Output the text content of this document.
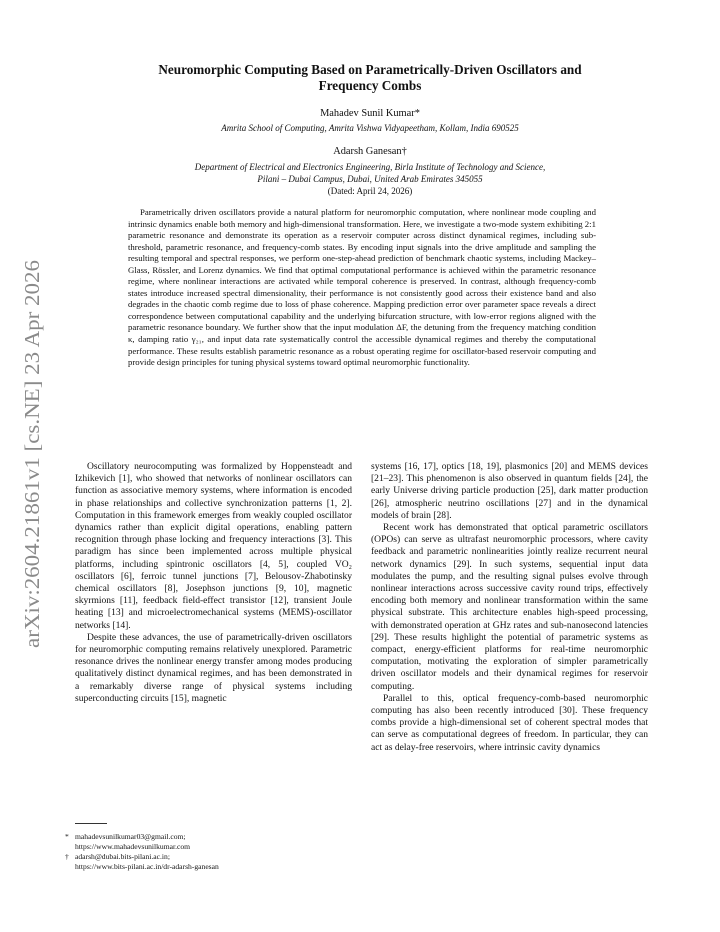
arXiv:2604.21861v1 [cs.NE] 23 Apr 2026
Neuromorphic Computing Based on Parametrically-Driven Oscillators and
Frequency Combs
Mahadev Sunil Kumar*
Amrita School of Computing, Amrita Vishwa Vidyapeetham, Kollam, India 690525
Adarsh Ganesan†
Department of Electrical and Electronics Engineering, Birla Institute of Technology and Science,
Pilani – Dubai Campus, Dubai, United Arab Emirates 345055
(Dated: April 24, 2026)

Parametrically driven oscillators provide a natural platform for neuromorphic computation, where nonlinear mode coupling and intrinsic dynamics enable both memory and high-dimensional transformation. Here, we investigate a two-mode system exhibiting 2:1 parametric resonance and demonstrate its operation as a reservoir computer across distinct dynamical regimes, including sub-threshold, parametric resonance, and frequency-comb states. By encoding input signals into the drive amplitude and sampling the resulting temporal and spectral responses, we perform one-step-ahead prediction of benchmark chaotic systems, including Mackey–Glass, Rössler, and Lorenz dynamics. We find that optimal computational performance is achieved within the parametric resonance regime, where nonlinear interactions are activated while temporal coherence is preserved. In contrast, although frequency-comb states introduce increased spectral dimensionality, their performance is not consistently good across their existence band and also degrades in the chaotic comb regime due to loss of phase coherence. Mapping prediction error over parameter space reveals a direct correspondence between computational capability and the underlying bifurcation structure, with low-error regions aligned with the parametric resonance boundary. We further show that the input modulation ΔF, the detuning from the frequency matching condition κ, damping ratio γ₂₁, and input data rate systematically control the accessible dynamical regimes and thereby the computational performance. These results establish parametric resonance as a robust operating regime for oscillator-based reservoir computing and provide design principles for tuning physical systems toward optimal neuromorphic functionality.

Oscillatory neurocomputing was formalized by Hoppensteadt and Izhikevich [1], who showed that networks of nonlinear oscillators can function as associative memory systems, where information is encoded in phase relationships and collective synchronization patterns [1, 2]. Computation in this framework emerges from weakly coupled oscillator dynamics rather than explicit digital operations, enabling pattern recognition through phase locking and frequency interactions [3]. This paradigm has since been implemented across multiple physical platforms, including spintronic oscillators [4, 5], coupled VO₂ oscillators [6], ferroic tunnel junctions [7], Belousov-Zhabotinsky chemical oscillators [8], Josephson junctions [9, 10], magnetic skyrmions [11], feedback field-effect transistor [12], transient Joule heating [13] and microelectromechanical systems (MEMS)-oscillator networks [14].

Despite these advances, the use of parametrically-driven oscillators for neuromorphic computing remains relatively unexplored. Parametric resonance drives the nonlinear energy transfer among modes producing qualitatively distinct dynamical regimes, and has been demonstrated in a remarkably diverse range of physical systems including superconducting circuits [15], magnetic

systems [16, 17], optics [18, 19], plasmonics [20] and MEMS devices [21–23]. This phenomenon is also observed in quantum fields [24], the early Universe driving particle production [25], dark matter production [26], atmospheric neutrino oscillations [27] and in the dynamical models of brain [28].

Recent work has demonstrated that optical parametric oscillators (OPOs) can serve as ultrafast neuromorphic processors, where cavity feedback and parametric nonlinearities jointly realize recurrent neural network dynamics [29]. In such systems, sequential input data modulates the pump, and the resulting signal pulses evolve through nonlinear interactions across successive cavity round trips, effectively encoding both memory and nonlinear transformation within the same physical substrate. This architecture enables high-speed processing, with demonstrated operation at GHz rates and sub-nanosecond latencies [29]. These results highlight the potential of parametric systems as compact, energy-efficient platforms for real-time neuromorphic computation, motivating the exploration of simpler parametrically driven oscillator models and their dynamical regimes for reservoir computing.

Parallel to this, optical frequency-comb-based neuromorphic computing has also been recently introduced [30]. These frequency combs provide a high-dimensional set of coherent spectral modes that can serve as computational degrees of freedom. In particular, they can act as delay-free reservoirs, where intrinsic cavity dynamics

* mahadevsunilkumar03@gmail.com;
https://www.mahadevsunilkumar.com
† adarsh@dubai.bits-pilani.ac.in;
https://www.bits-pilani.ac.in/dr-adarsh-ganesan
